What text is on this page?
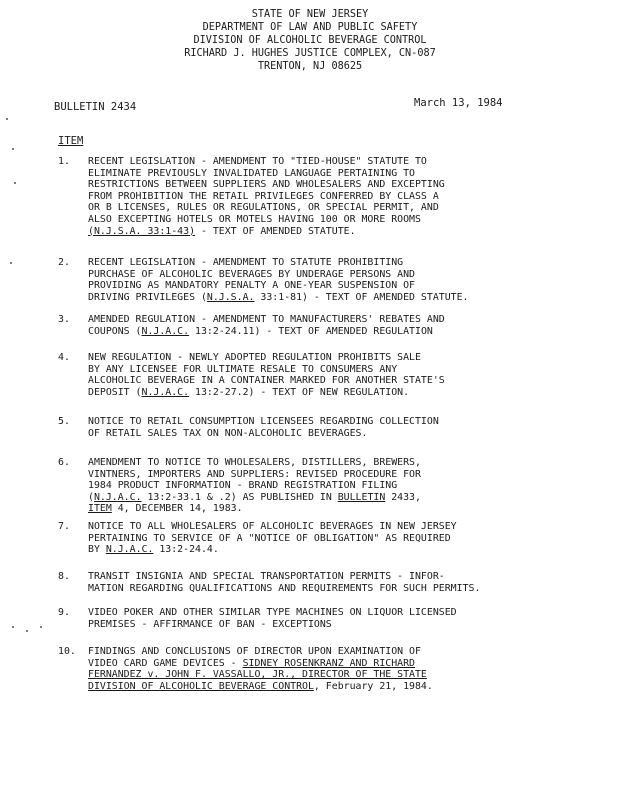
STATE OF NEW JERSEY
DEPARTMENT OF LAW AND PUBLIC SAFETY
DIVISION OF ALCOHOLIC BEVERAGE CONTROL
RICHARD J. HUGHES JUSTICE COMPLEX, CN-087
TRENTON, NJ 08625
BULLETIN 2434	March 13, 1984
ITEM
1. RECENT LEGISLATION - AMENDMENT TO "TIED-HOUSE" STATUTE TO
ELIMINATE PREVIOUSLY INVALIDATED LANGUAGE PERTAINING TO
RESTRICTIONS BETWEEN SUPPLIERS AND WHOLESALERS AND EXCEPTING
FROM PROHIBITION THE RETAIL PRIVILEGES CONFERRED BY CLASS A
OR B LICENSES, RULES OR REGULATIONS, OR SPECIAL PERMIT, AND
ALSO EXCEPTING HOTELS OR MOTELS HAVING 100 OR MORE ROOMS
(N.J.S.A. 33:1-43) - TEXT OF AMENDED STATUTE.
2. RECENT LEGISLATION - AMENDMENT TO STATUTE PROHIBITING
PURCHASE OF ALCOHOLIC BEVERAGES BY UNDERAGE PERSONS AND
PROVIDING AS MANDATORY PENALTY A ONE-YEAR SUSPENSION OF
DRIVING PRIVILEGES (N.J.S.A. 33:1-81) - TEXT OF AMENDED STATUTE.
3. AMENDED REGULATION - AMENDMENT TO MANUFACTURERS' REBATES AND
COUPONS (N.J.A.C. 13:2-24.11) - TEXT OF AMENDED REGULATION
4. NEW REGULATION - NEWLY ADOPTED REGULATION PROHIBITS SALE
BY ANY LICENSEE FOR ULTIMATE RESALE TO CONSUMERS ANY
ALCOHOLIC BEVERAGE IN A CONTAINER MARKED FOR ANOTHER STATE'S
DEPOSIT (N.J.A.C. 13:2-27.2) - TEXT OF NEW REGULATION.
5. NOTICE TO RETAIL CONSUMPTION LICENSEES REGARDING COLLECTION
OF RETAIL SALES TAX ON NON-ALCOHOLIC BEVERAGES.
6. AMENDMENT TO NOTICE TO WHOLESALERS, DISTILLERS, BREWERS,
VINTNERS, IMPORTERS AND SUPPLIERS: REVISED PROCEDURE FOR
1984 PRODUCT INFORMATION - BRAND REGISTRATION FILING
(N.J.A.C. 13:2-33.1 & .2) AS PUBLISHED IN BULLETIN 2433,
ITEM 4, DECEMBER 14, 1983.
7. NOTICE TO ALL WHOLESALERS OF ALCOHOLIC BEVERAGES IN NEW JERSEY
PERTAINING TO SERVICE OF A "NOTICE OF OBLIGATION" AS REQUIRED
BY N.J.A.C. 13:2-24.4.
8. TRANSIT INSIGNIA AND SPECIAL TRANSPORTATION PERMITS - INFOR-
MATION REGARDING QUALIFICATIONS AND REQUIREMENTS FOR SUCH PERMITS.
9. VIDEO POKER AND OTHER SIMILAR TYPE MACHINES ON LIQUOR LICENSED
PREMISES - AFFIRMANCE OF BAN - EXCEPTIONS
10. FINDINGS AND CONCLUSIONS OF DIRECTOR UPON EXAMINATION OF
VIDEO CARD GAME DEVICES - SIDNEY ROSENKRANZ AND RICHARD
FERNANDEZ v. JOHN F. VASSALLO, JR., DIRECTOR OF THE STATE
DIVISION OF ALCOHOLIC BEVERAGE CONTROL, February 21, 1984.
